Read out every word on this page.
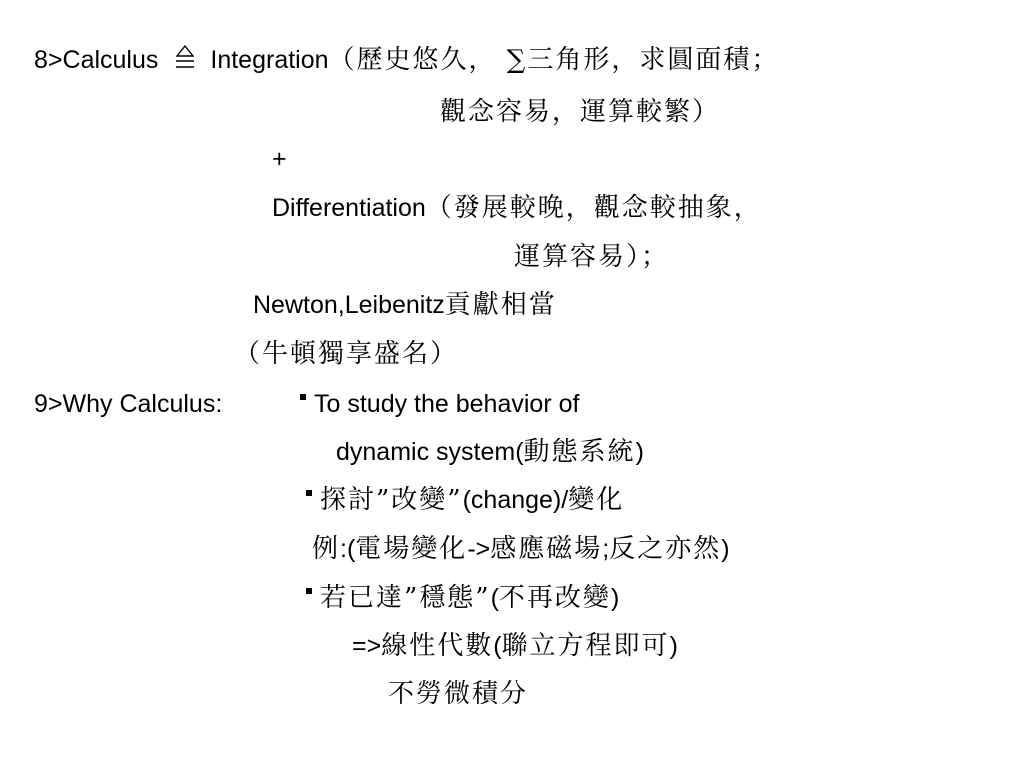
8>Calculus Integration（歷史悠久， ∑三角形，求圓面積；
觀念容易，運算較繁）
+
Differentiation（發展較晚，觀念較抽象，
運算容易）；
Newton,Leibenitz貢獻相當
（牛頓獨享盛名）
9>Why Calculus:	To study the behavior of
dynamic system(動態系統)
探討”改變”(change)/變化
例:(電場變化->感應磁場;反之亦然)
若已達”穩態”(不再改變)
=>線性代數(聯立方程即可)
不勞微積分
